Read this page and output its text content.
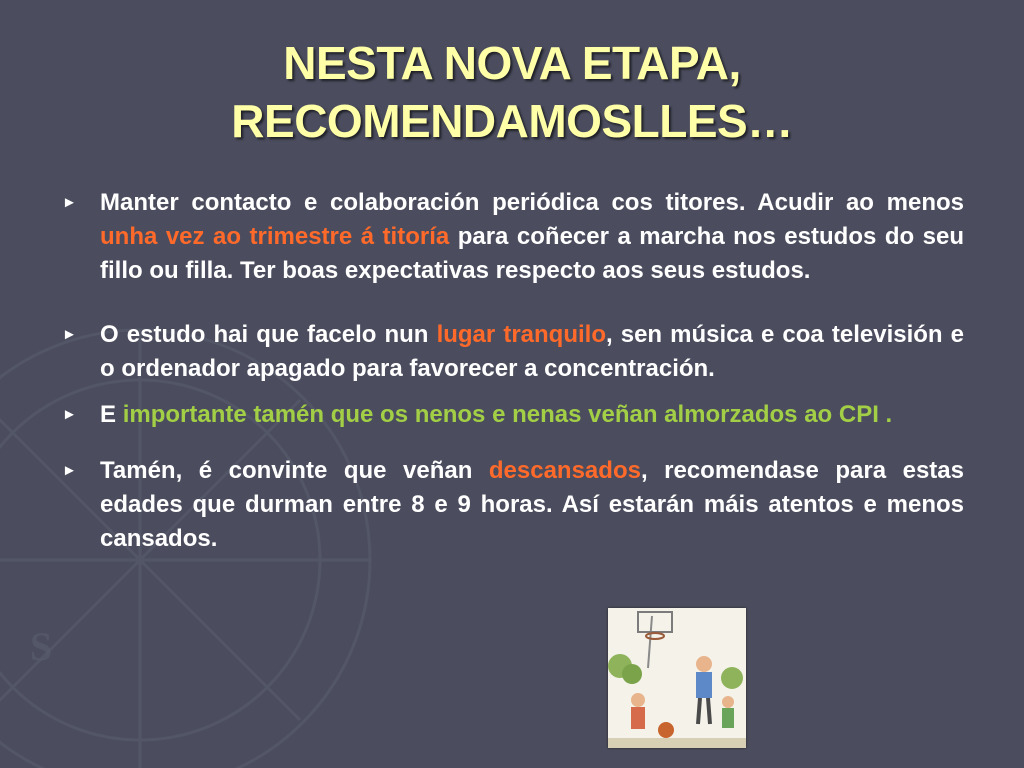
S
NESTA NOVA ETAPA,
RECOMENDAMOSLLES…
► Manter contacto e colaboración periódica cos titores. Acudir ao menos unha vez ao trimestre á titoría para coñecer a marcha nos estudos do seu fillo ou filla. Ter boas expectativas respecto aos seus estudos.
► O estudo hai que facelo nun lugar tranquilo, sen música e coa televisión e o ordenador apagado para favorecer a concentración.
► E importante tamén que os nenos e nenas veñan almorzados ao CPI .
► Tamén, é convinte que veñan descansados, recomendase para estas edades que durman entre 8 e 9 horas. Así estarán máis atentos e menos cansados.
